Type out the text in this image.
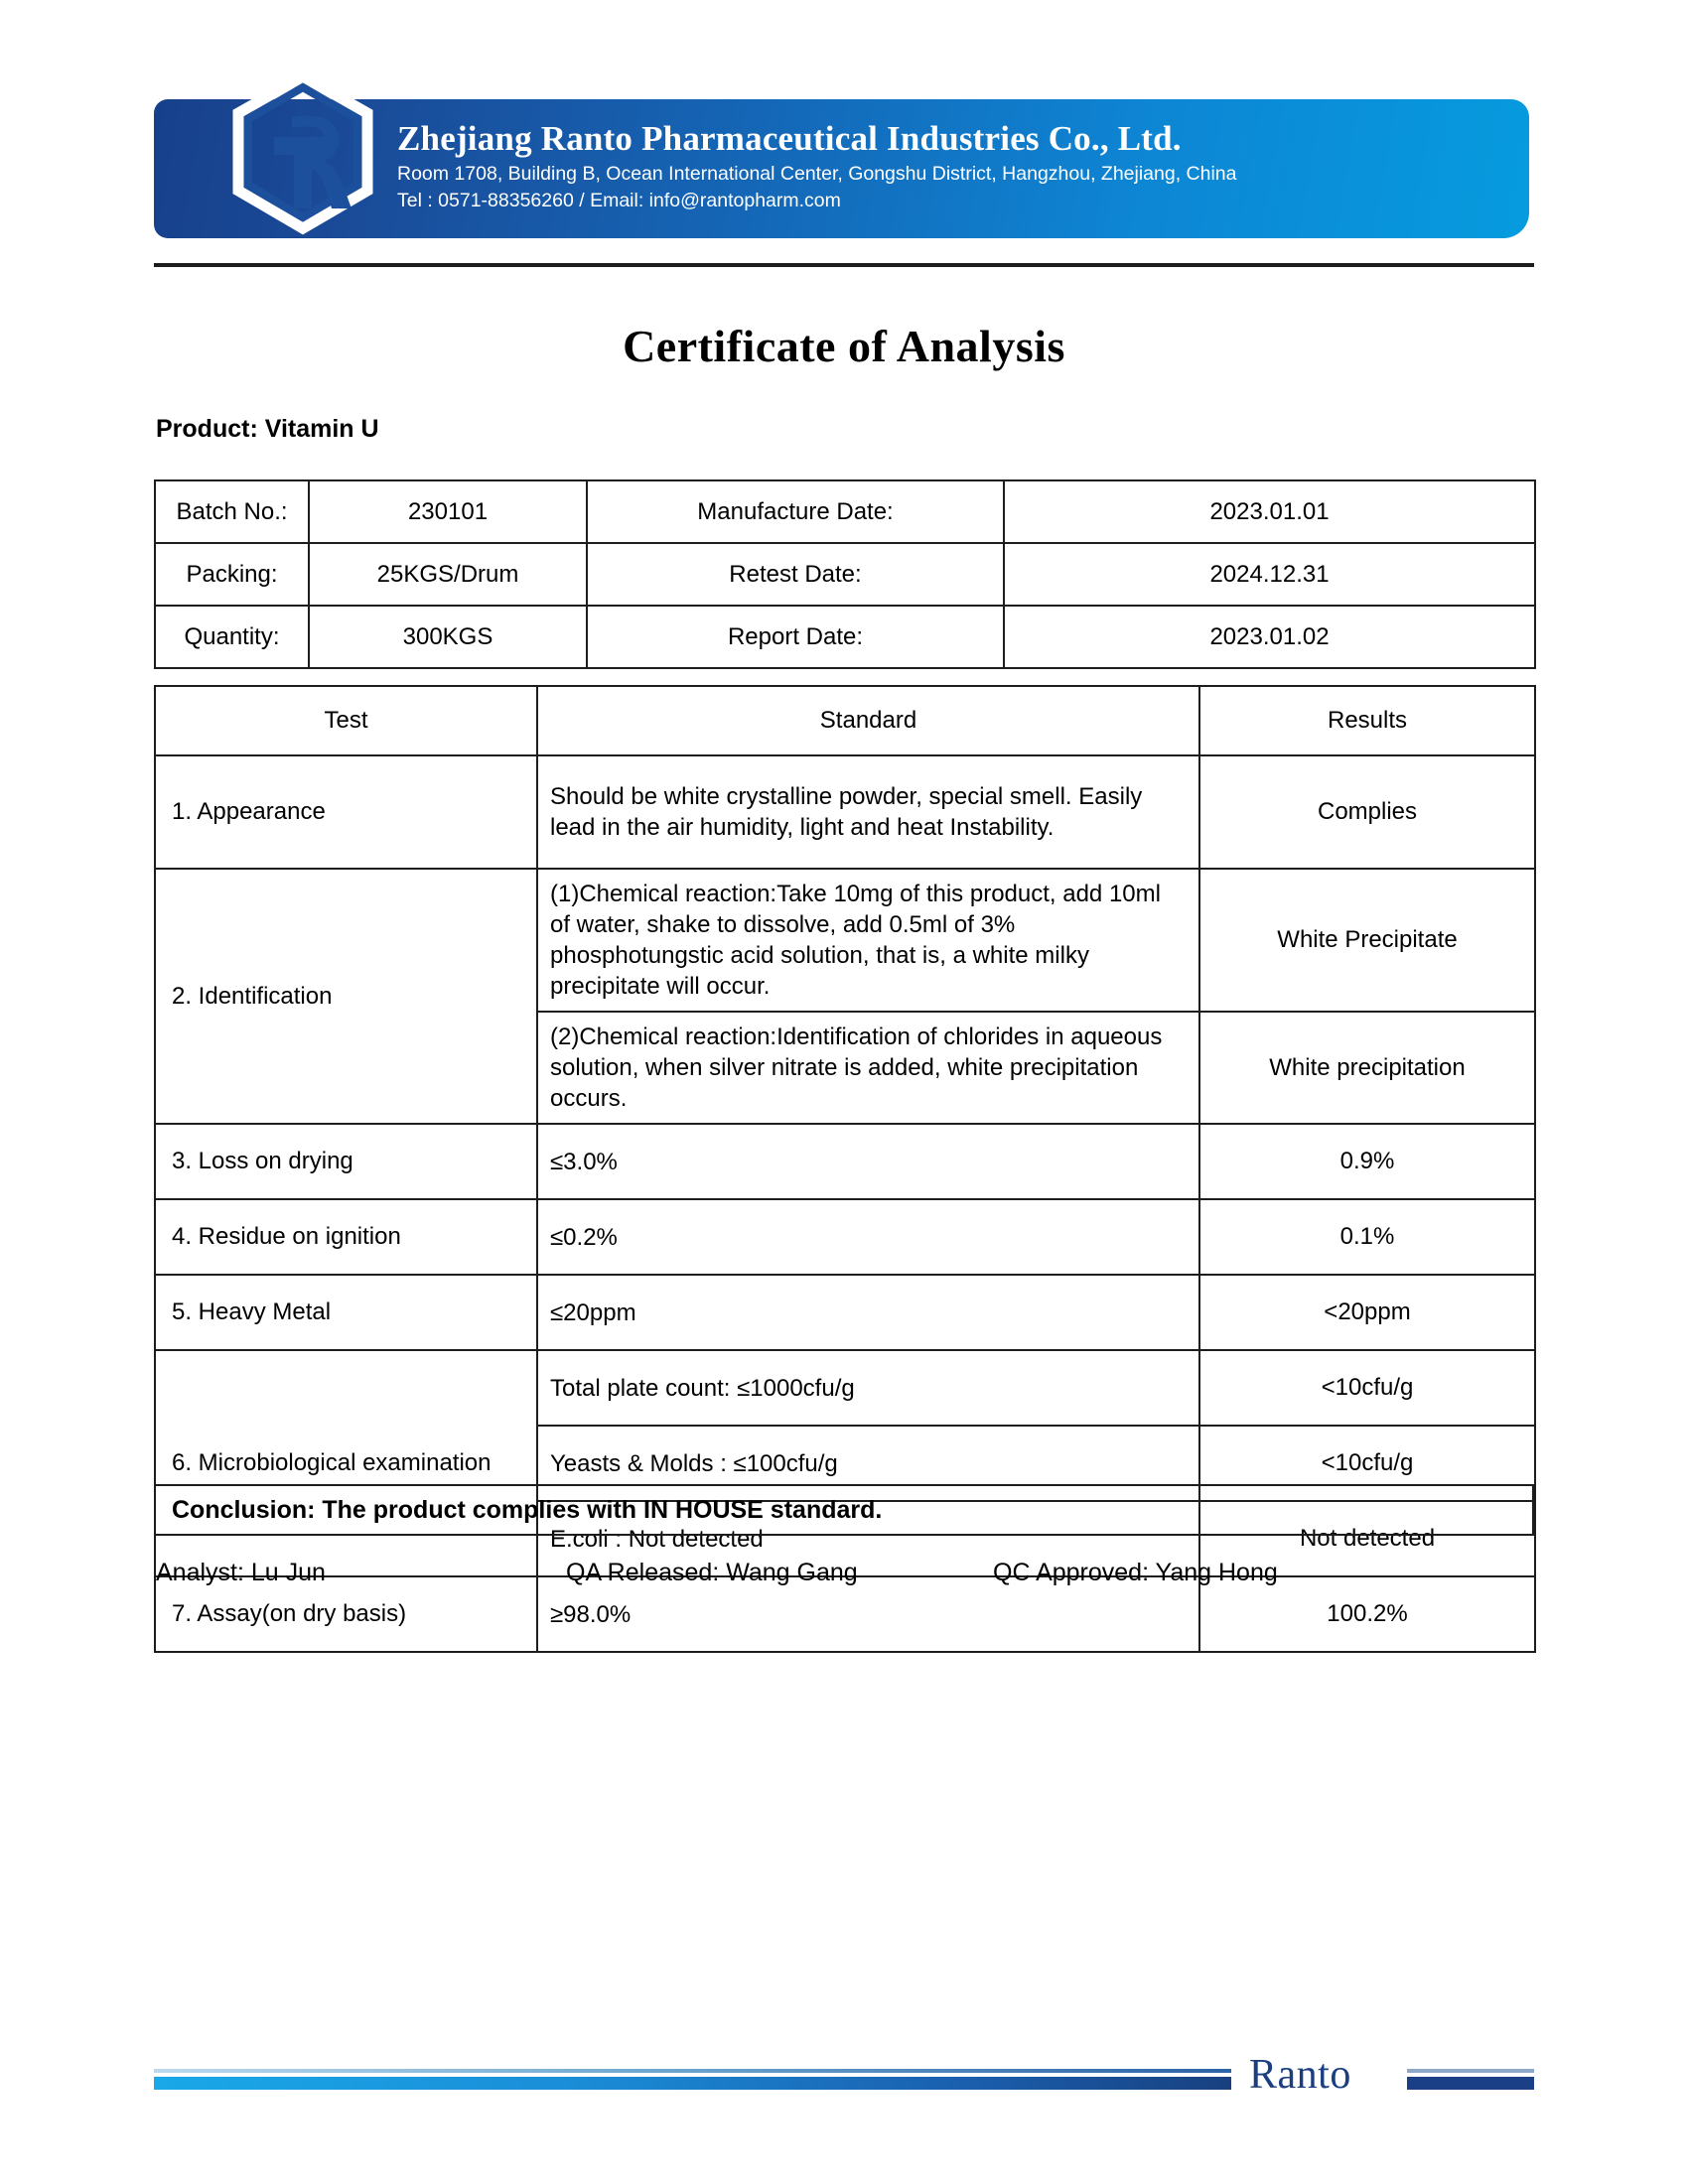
Zhejiang Ranto Pharmaceutical Industries Co., Ltd.
Room 1708, Building B, Ocean International Center, Gongshu District, Hangzhou, Zhejiang, China
Tel : 0571-88356260 / Email: info@rantopharm.com
Certificate of Analysis
Product: Vitamin U
Batch No.:	230101	Manufacture Date:	2023.01.01
Packing:	25KGS/Drum	Retest Date:	2024.12.31
Quantity:	300KGS	Report Date:	2023.01.02
Test	Standard	Results
1. Appearance	Should be white crystalline powder, special smell. Easily lead in the air humidity, light and heat Instability.	Complies
2. Identification	(1)Chemical reaction:Take 10mg of this product, add 10ml of water, shake to dissolve, add 0.5ml of 3% phosphotungstic acid solution, that is, a white milky precipitate will occur.	White Precipitate
	(2)Chemical reaction:Identification of chlorides in aqueous solution, when silver nitrate is added, white precipitation occurs.	White precipitation
3. Loss on drying	≤3.0%	0.9%
4. Residue on ignition	≤0.2%	0.1%
5. Heavy Metal	≤20ppm	<20ppm
6. Microbiological examination	Total plate count: ≤1000cfu/g	<10cfu/g
	Yeasts & Molds : ≤100cfu/g	<10cfu/g
	E.coli : Not detected	Not detected
7. Assay(on dry basis)	≥98.0%	100.2%
Conclusion: The product complies with IN HOUSE standard.
Analyst: Lu Jun	QA Released: Wang Gang	QC Approved: Yang Hong
Ranto
